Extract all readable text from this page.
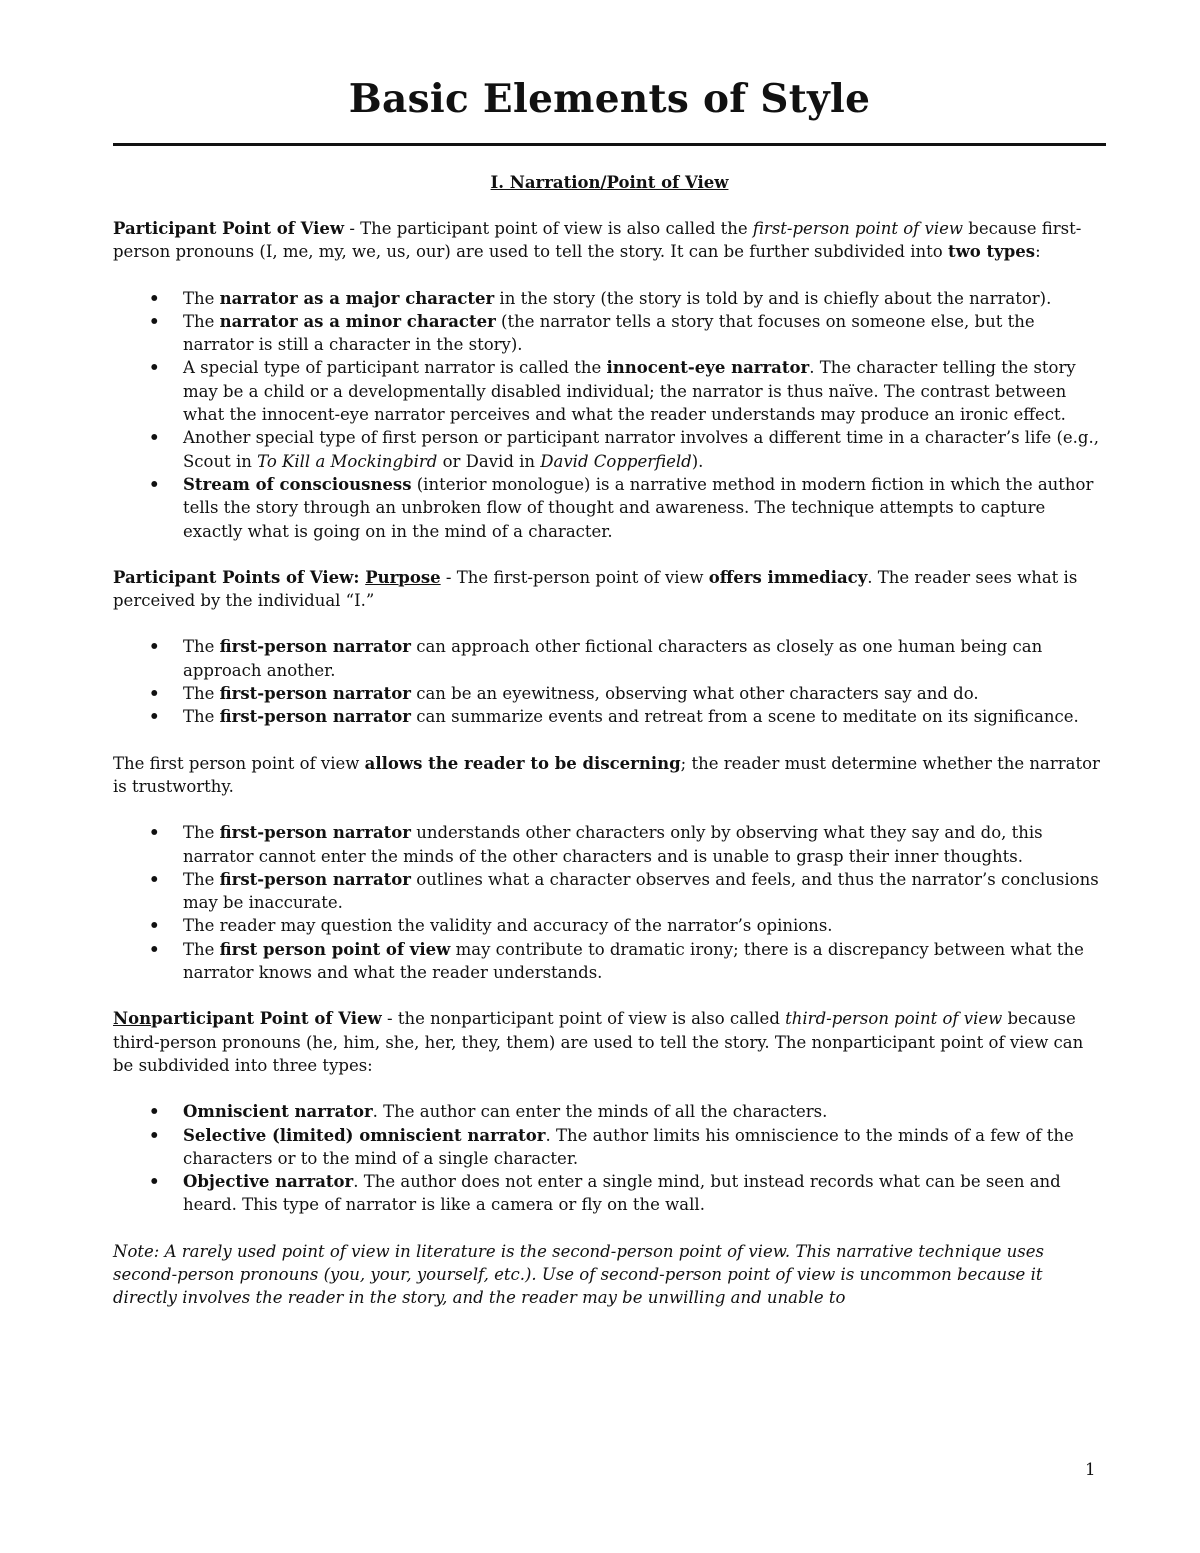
Basic Elements of Style
I. Narration/Point of View

Participant Point of View - The participant point of view is also called the first-person point of view because first-person pronouns (I, me, my, we, us, our) are used to tell the story. It can be further subdivided into two types:

• The narrator as a major character in the story (the story is told by and is chiefly about the narrator).
• The narrator as a minor character (the narrator tells a story that focuses on someone else, but the narrator is still a character in the story).
• A special type of participant narrator is called the innocent-eye narrator. The character telling the story may be a child or a developmentally disabled individual; the narrator is thus naïve. The contrast between what the innocent-eye narrator perceives and what the reader understands may produce an ironic effect.
• Another special type of first person or participant narrator involves a different time in a character’s life (e.g., Scout in To Kill a Mockingbird or David in David Copperfield).
• Stream of consciousness (interior monologue) is a narrative method in modern fiction in which the author tells the story through an unbroken flow of thought and awareness. The technique attempts to capture exactly what is going on in the mind of a character.

Participant Points of View: Purpose - The first-person point of view offers immediacy. The reader sees what is perceived by the individual “I.”

• The first-person narrator can approach other fictional characters as closely as one human being can approach another.
• The first-person narrator can be an eyewitness, observing what other characters say and do.
• The first-person narrator can summarize events and retreat from a scene to meditate on its significance.

The first person point of view allows the reader to be discerning; the reader must determine whether the narrator is trustworthy.

• The first-person narrator understands other characters only by observing what they say and do, this narrator cannot enter the minds of the other characters and is unable to grasp their inner thoughts.
• The first-person narrator outlines what a character observes and feels, and thus the narrator’s conclusions may be inaccurate.
• The reader may question the validity and accuracy of the narrator’s opinions.
• The first person point of view may contribute to dramatic irony; there is a discrepancy between what the narrator knows and what the reader understands.

Nonparticipant Point of View - the nonparticipant point of view is also called third-person point of view because third-person pronouns (he, him, she, her, they, them) are used to tell the story. The nonparticipant point of view can be subdivided into three types:

• Omniscient narrator. The author can enter the minds of all the characters.
• Selective (limited) omniscient narrator. The author limits his omniscience to the minds of a few of the characters or to the mind of a single character.
• Objective narrator. The author does not enter a single mind, but instead records what can be seen and heard. This type of narrator is like a camera or fly on the wall.

Note: A rarely used point of view in literature is the second-person point of view. This narrative technique uses second-person pronouns (you, your, yourself, etc.). Use of second-person point of view is uncommon because it directly involves the reader in the story, and the reader may be unwilling and unable to

1
